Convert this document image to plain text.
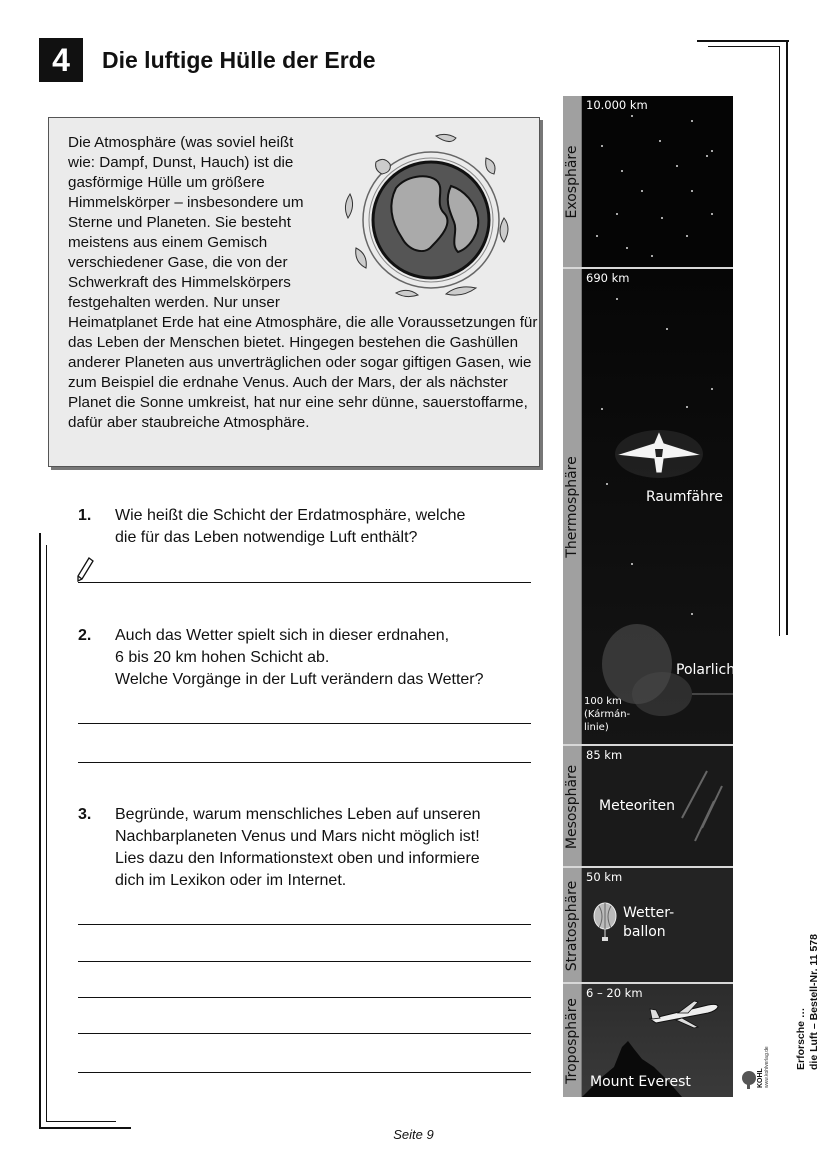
4	Die luftige Hülle der Erde
Die Atmosphäre (was soviel heißt wie: Dampf, Dunst, Hauch) ist die gasförmige Hülle um größere Himmelskörper – insbesondere um Sterne und Planeten. Sie besteht meistens aus einem Gemisch verschiedener Gase, die von der Schwerkraft des Himmelskörpers festgehalten werden. Nur unser Heimatplanet Erde hat eine Atmosphäre, die alle Voraussetzungen für das Leben der Menschen bietet. Hingegen bestehen die Gashüllen anderer Planeten aus unverträglichen oder sogar giftigen Gasen, wie zum Beispiel die erdnahe Venus. Auch der Mars, der als nächster Planet die Sonne umkreist, hat nur eine sehr dünne, sauerstoffarme, dafür aber staubreiche Atmosphäre.
1. Wie heißt die Schicht der Erdatmosphäre, welche
die für das Leben notwendige Luft enthält?
2. Auch das Wetter spielt sich in dieser erdnahen,
6 bis 20 km hohen Schicht ab.
Welche Vorgänge in der Luft verändern das Wetter?
3. Begründe, warum menschliches Leben auf unseren
Nachbarplaneten Venus und Mars nicht möglich ist!
Lies dazu den Informationstext oben und informiere
dich im Lexikon oder im Internet.
Exosphäre
10.000 km
Thermosphäre
690 km
Raumfähre
Polarlicht
100 km
(Kármán-
linie)
Mesosphäre
85 km
Meteoriten
Stratosphäre
50 km
Wetter-
ballon
Troposphäre
6 – 20 km
Mount Everest	KOHL www.kohlverlag.de Erforsche … die Luft – Bestell-Nr. 11 578
Seite 9
